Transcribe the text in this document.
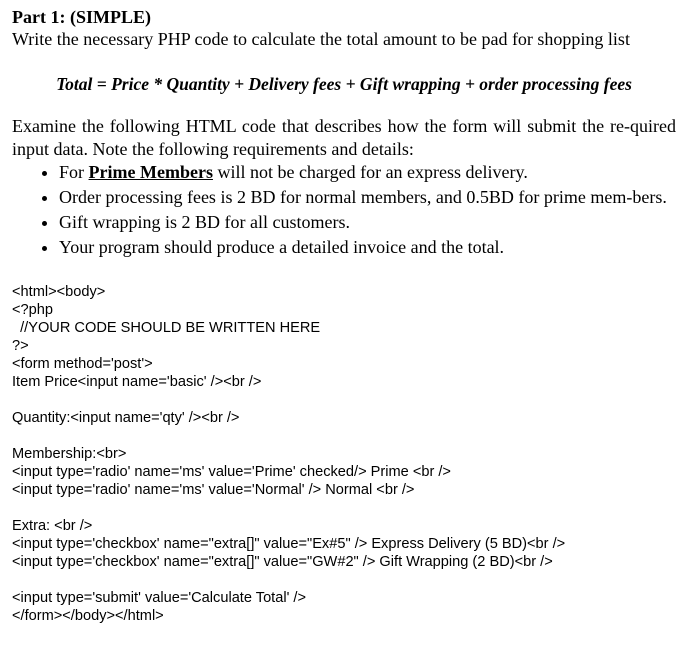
Part 1: (SIMPLE)

Write the necessary PHP code to calculate the total amount to be pad for shopping list

Total = Price * Quantity + Delivery fees + Gift wrapping + order processing fees

Examine the following HTML code that describes how the form will submit the re-quired input data. Note the following requirements and details:

• For Prime Members will not be charged for an express delivery.
• Order processing fees is 2 BD for normal members, and 0.5BD for prime mem-bers.
• Gift wrapping is 2 BD for all customers.
• Your program should produce a detailed invoice and the total.
<html><body>
<?php
//YOUR CODE SHOULD BE WRITTEN HERE
?>
<form method='post'>
Item Price<input name='basic' /><br />
Quantity:<input name='qty' /><br />
Membership:<br>
<input type='radio' name='ms' value='Prime' checked/> Prime <br />
<input type='radio' name='ms' value='Normal' /> Normal <br />
Extra: <br />
<input type='checkbox' name="extra[]" value="Ex#5" /> Express Delivery (5 BD)<br />
<input type='checkbox' name="extra[]" value="GW#2" /> Gift Wrapping (2 BD)<br />
<input type='submit' value='Calculate Total' />
</form></body></html>
